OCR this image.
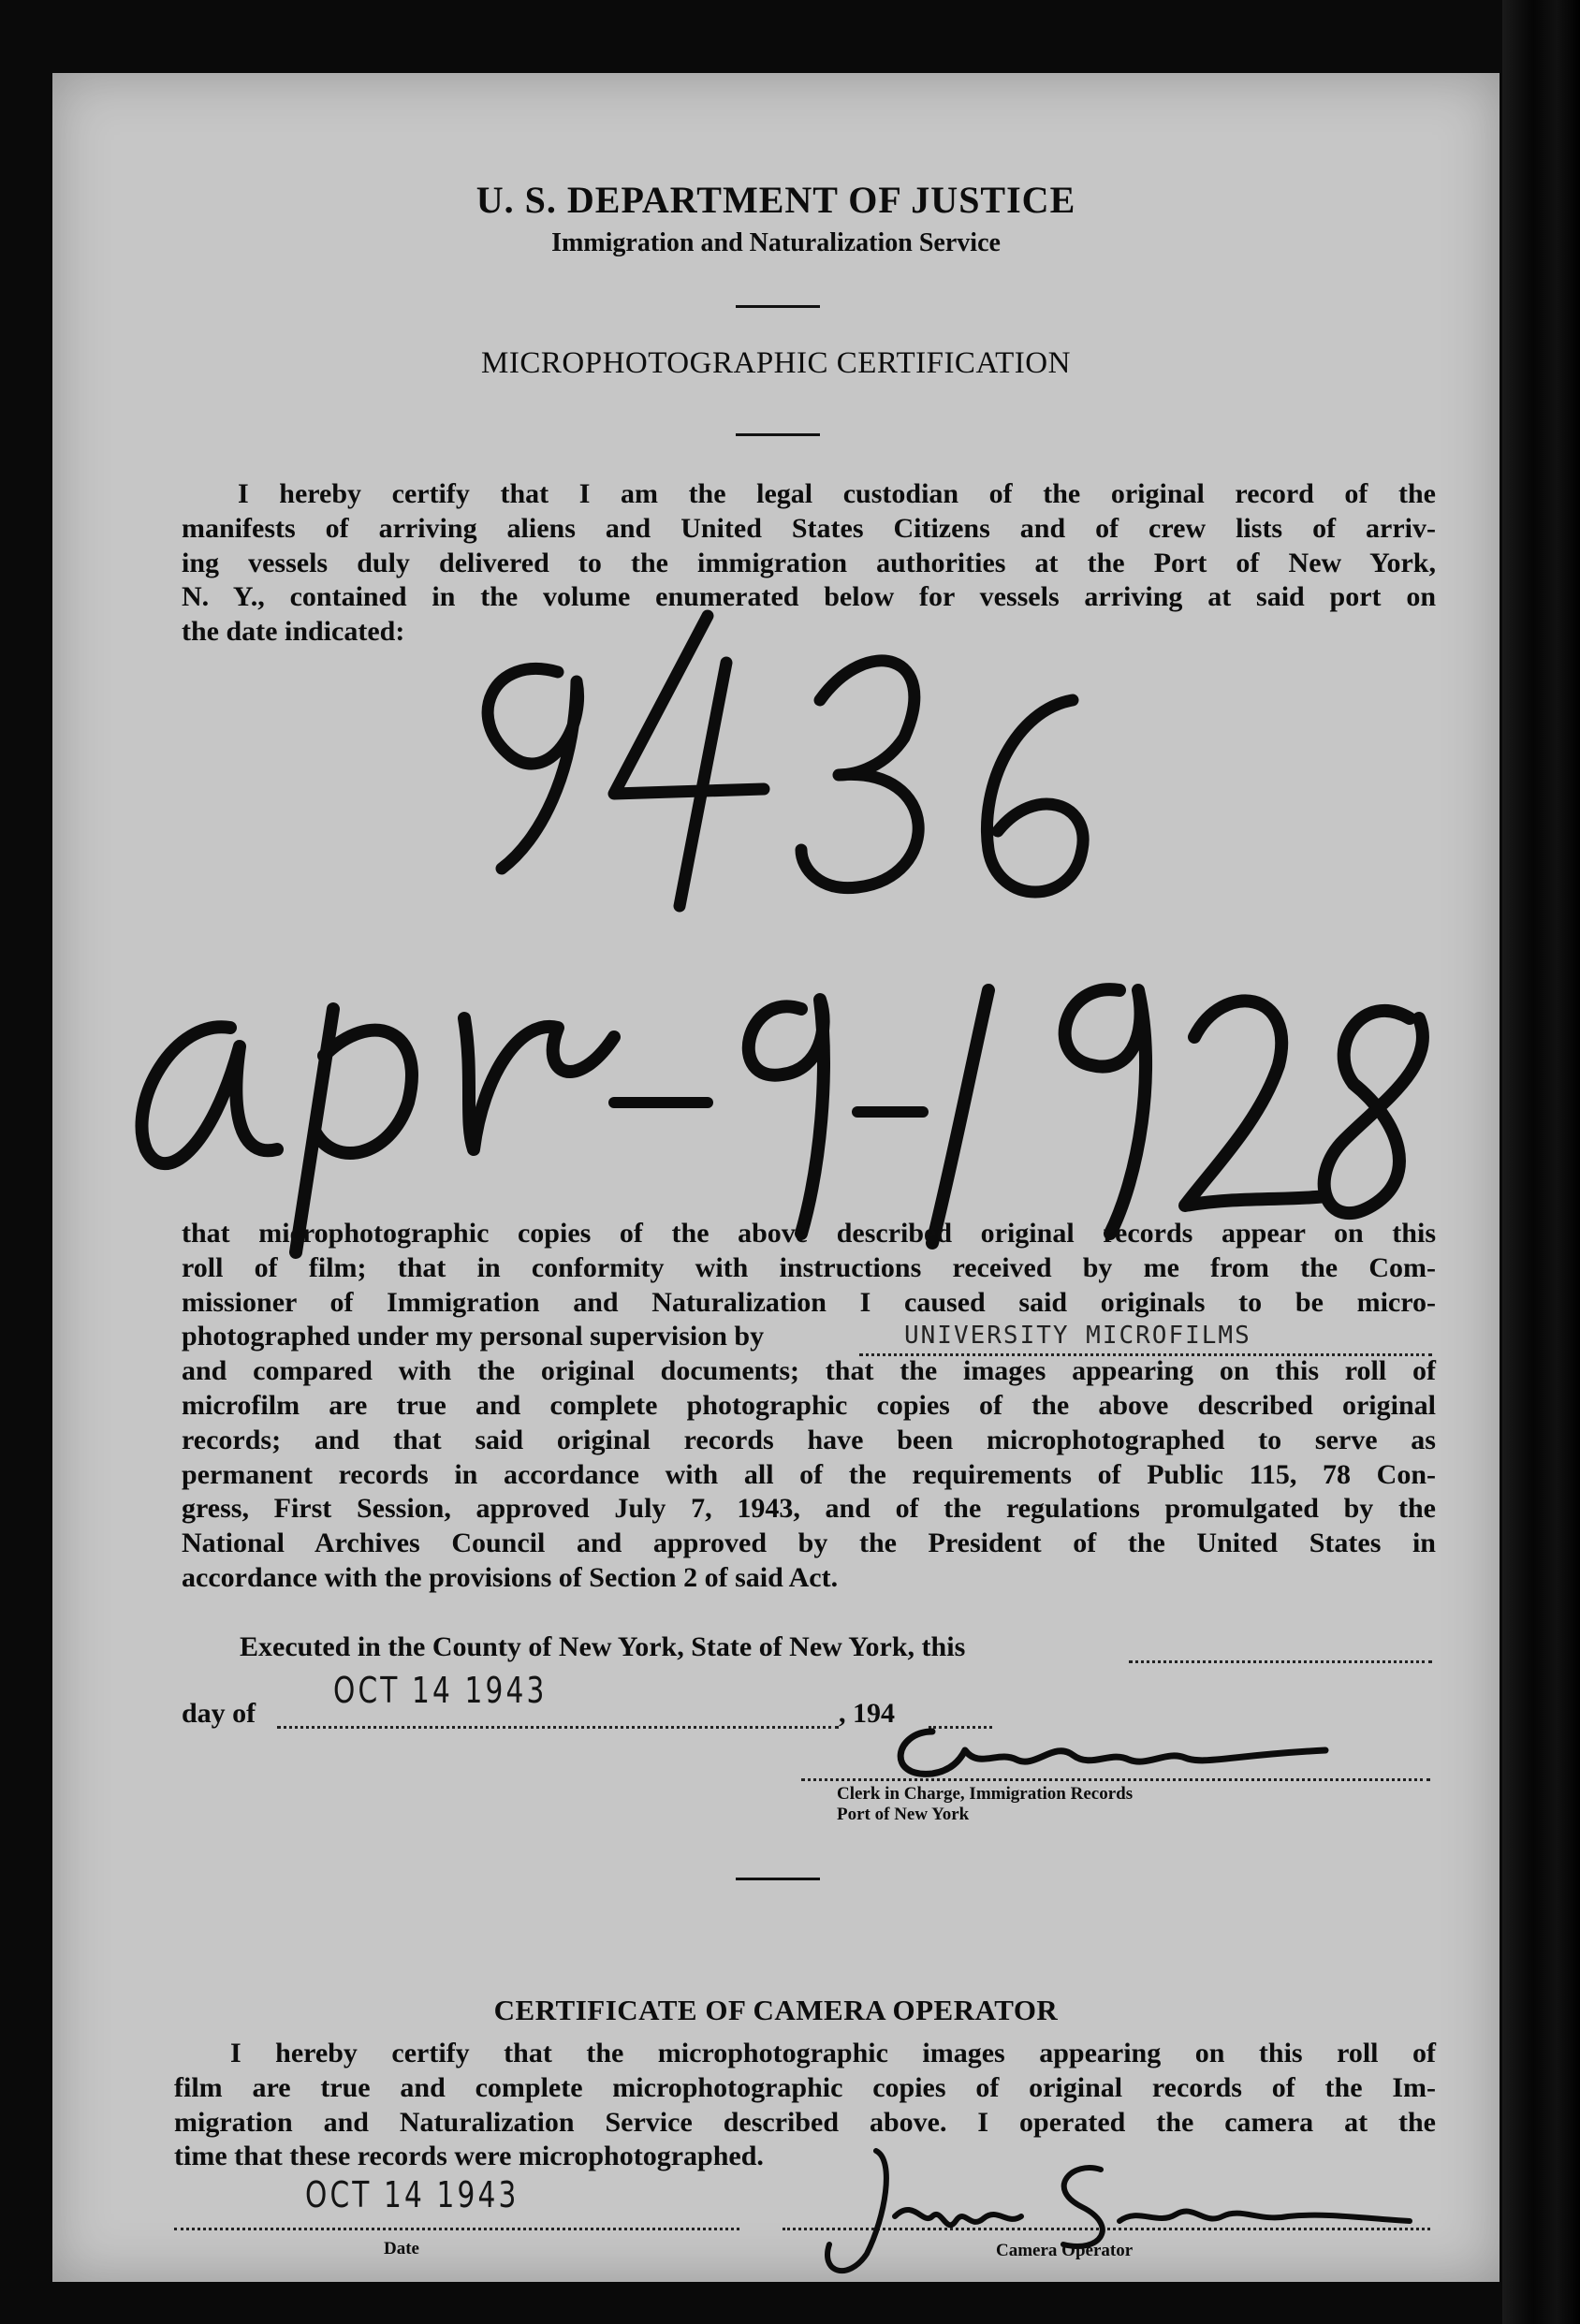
U. S. DEPARTMENT OF JUSTICE
Immigration and Naturalization Service
MICROPHOTOGRAPHIC CERTIFICATION
I hereby certify that I am the legal custodian of the original record of the
manifests of arriving aliens and United States Citizens and of crew lists of arriv-
ing vessels duly delivered to the immigration authorities at the Port of New York,
N. Y., contained in the volume enumerated below for vessels arriving at said port on
the date indicated:
that microphotographic copies of the above described original records appear on this
roll of film; that in conformity with instructions received by me from the Com-
missioner of Immigration and Naturalization I caused said originals to be micro-
photographed under my personal supervision by
and compared with the original documents; that the images appearing on this roll of
microfilm are true and complete photographic copies of the above described original
records; and that said original records have been microphotographed to serve as
permanent records in accordance with all of the requirements of Public 115, 78 Con-
gress, First Session, approved July 7, 1943, and of the regulations promulgated by the
National Archives Council and approved by the President of the United States in
accordance with the provisions of Section 2 of said Act.
UNIVERSITY MICROFILMS
Executed in the County of New York, State of New York, this
day of
OCT 14 1943
, 194
Clerk in Charge, Immigration Records
Port of New York
CERTIFICATE OF CAMERA OPERATOR
I hereby certify that the microphotographic images appearing on this roll of
film are true and complete microphotographic copies of original records of the Im-
migration and Naturalization Service described above. I operated the camera at the
time that these records were microphotographed.
OCT 14 1943
Date	Camera Operator
